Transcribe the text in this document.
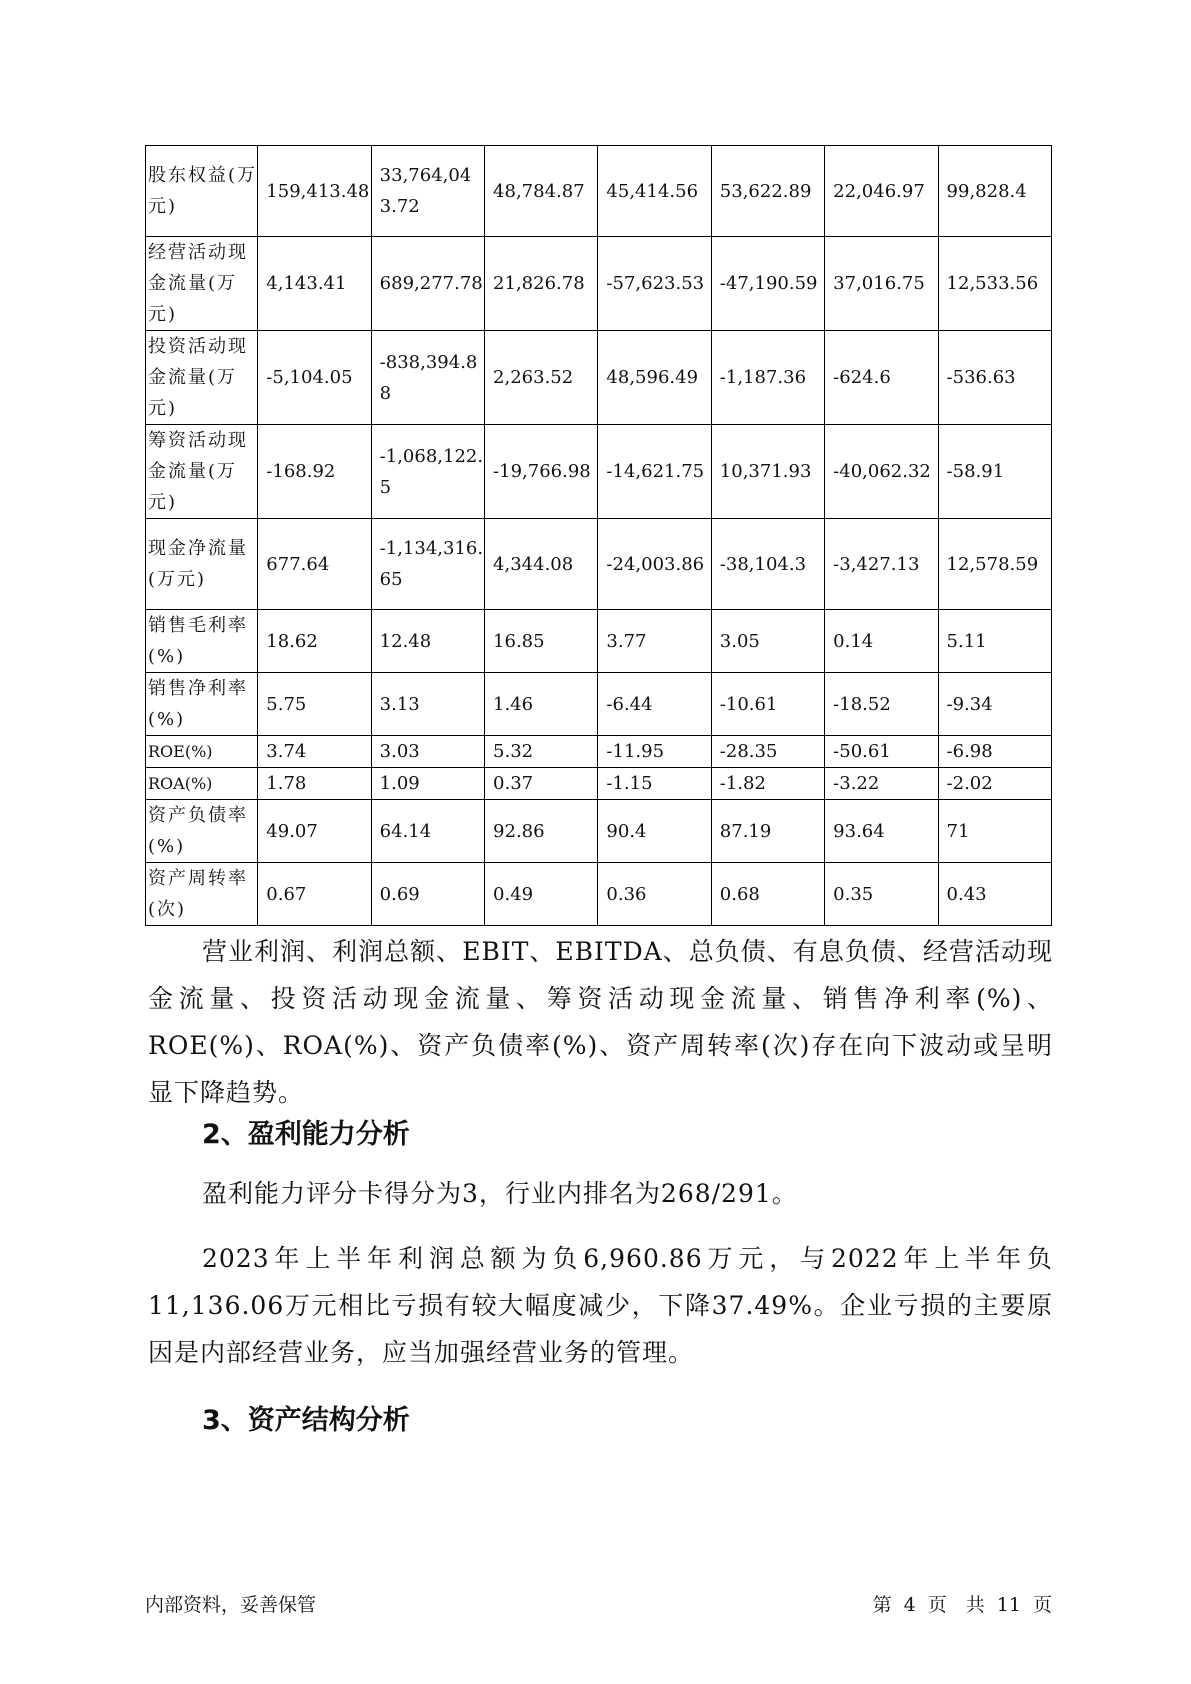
股东权益(万元)	159,413.48	33,764,043.72	48,784.87	45,414.56	53,622.89	22,046.97	99,828.4
经营活动现金流量(万元)	4,143.41	689,277.78	21,826.78	-57,623.53	-47,190.59	37,016.75	12,533.56
投资活动现金流量(万元)	-5,104.05	-838,394.88	2,263.52	48,596.49	-1,187.36	-624.6	-536.63
筹资活动现金流量(万元)	-168.92	-1,068,122.5	-19,766.98	-14,621.75	10,371.93	-40,062.32	-58.91
现金净流量(万元)	677.64	-1,134,316.65	4,344.08	-24,003.86	-38,104.3	-3,427.13	12,578.59
销售毛利率(%)	18.62	12.48	16.85	3.77	3.05	0.14	5.11
销售净利率(%)	5.75	3.13	1.46	-6.44	-10.61	-18.52	-9.34
ROE(%)	3.74	3.03	5.32	-11.95	-28.35	-50.61	-6.98
ROA(%)	1.78	1.09	0.37	-1.15	-1.82	-3.22	-2.02
资产负债率(%)	49.07	64.14	92.86	90.4	87.19	93.64	71
资产周转率(次)	0.67	0.69	0.49	0.36	0.68	0.35	0.43

营业利润、利润总额、EBIT、EBITDA、总负债、有息负债、经营活动现金流量、投资活动现金流量、筹资活动现金流量、销售净利率(%)、ROE(%)、ROA(%)、资产负债率(%)、资产周转率(次)存在向下波动或呈明显下降趋势。

2、盈利能力分析

盈利能力评分卡得分为3，行业内排名为268/291。

2023年上半年利润总额为负6,960.86万元，与2022年上半年负11,136.06万元相比亏损有较大幅度减少，下降37.49%。企业亏损的主要原因是内部经营业务，应当加强经营业务的管理。

3、资产结构分析
内部资料，妥善保管	第 4 页　共 11 页
